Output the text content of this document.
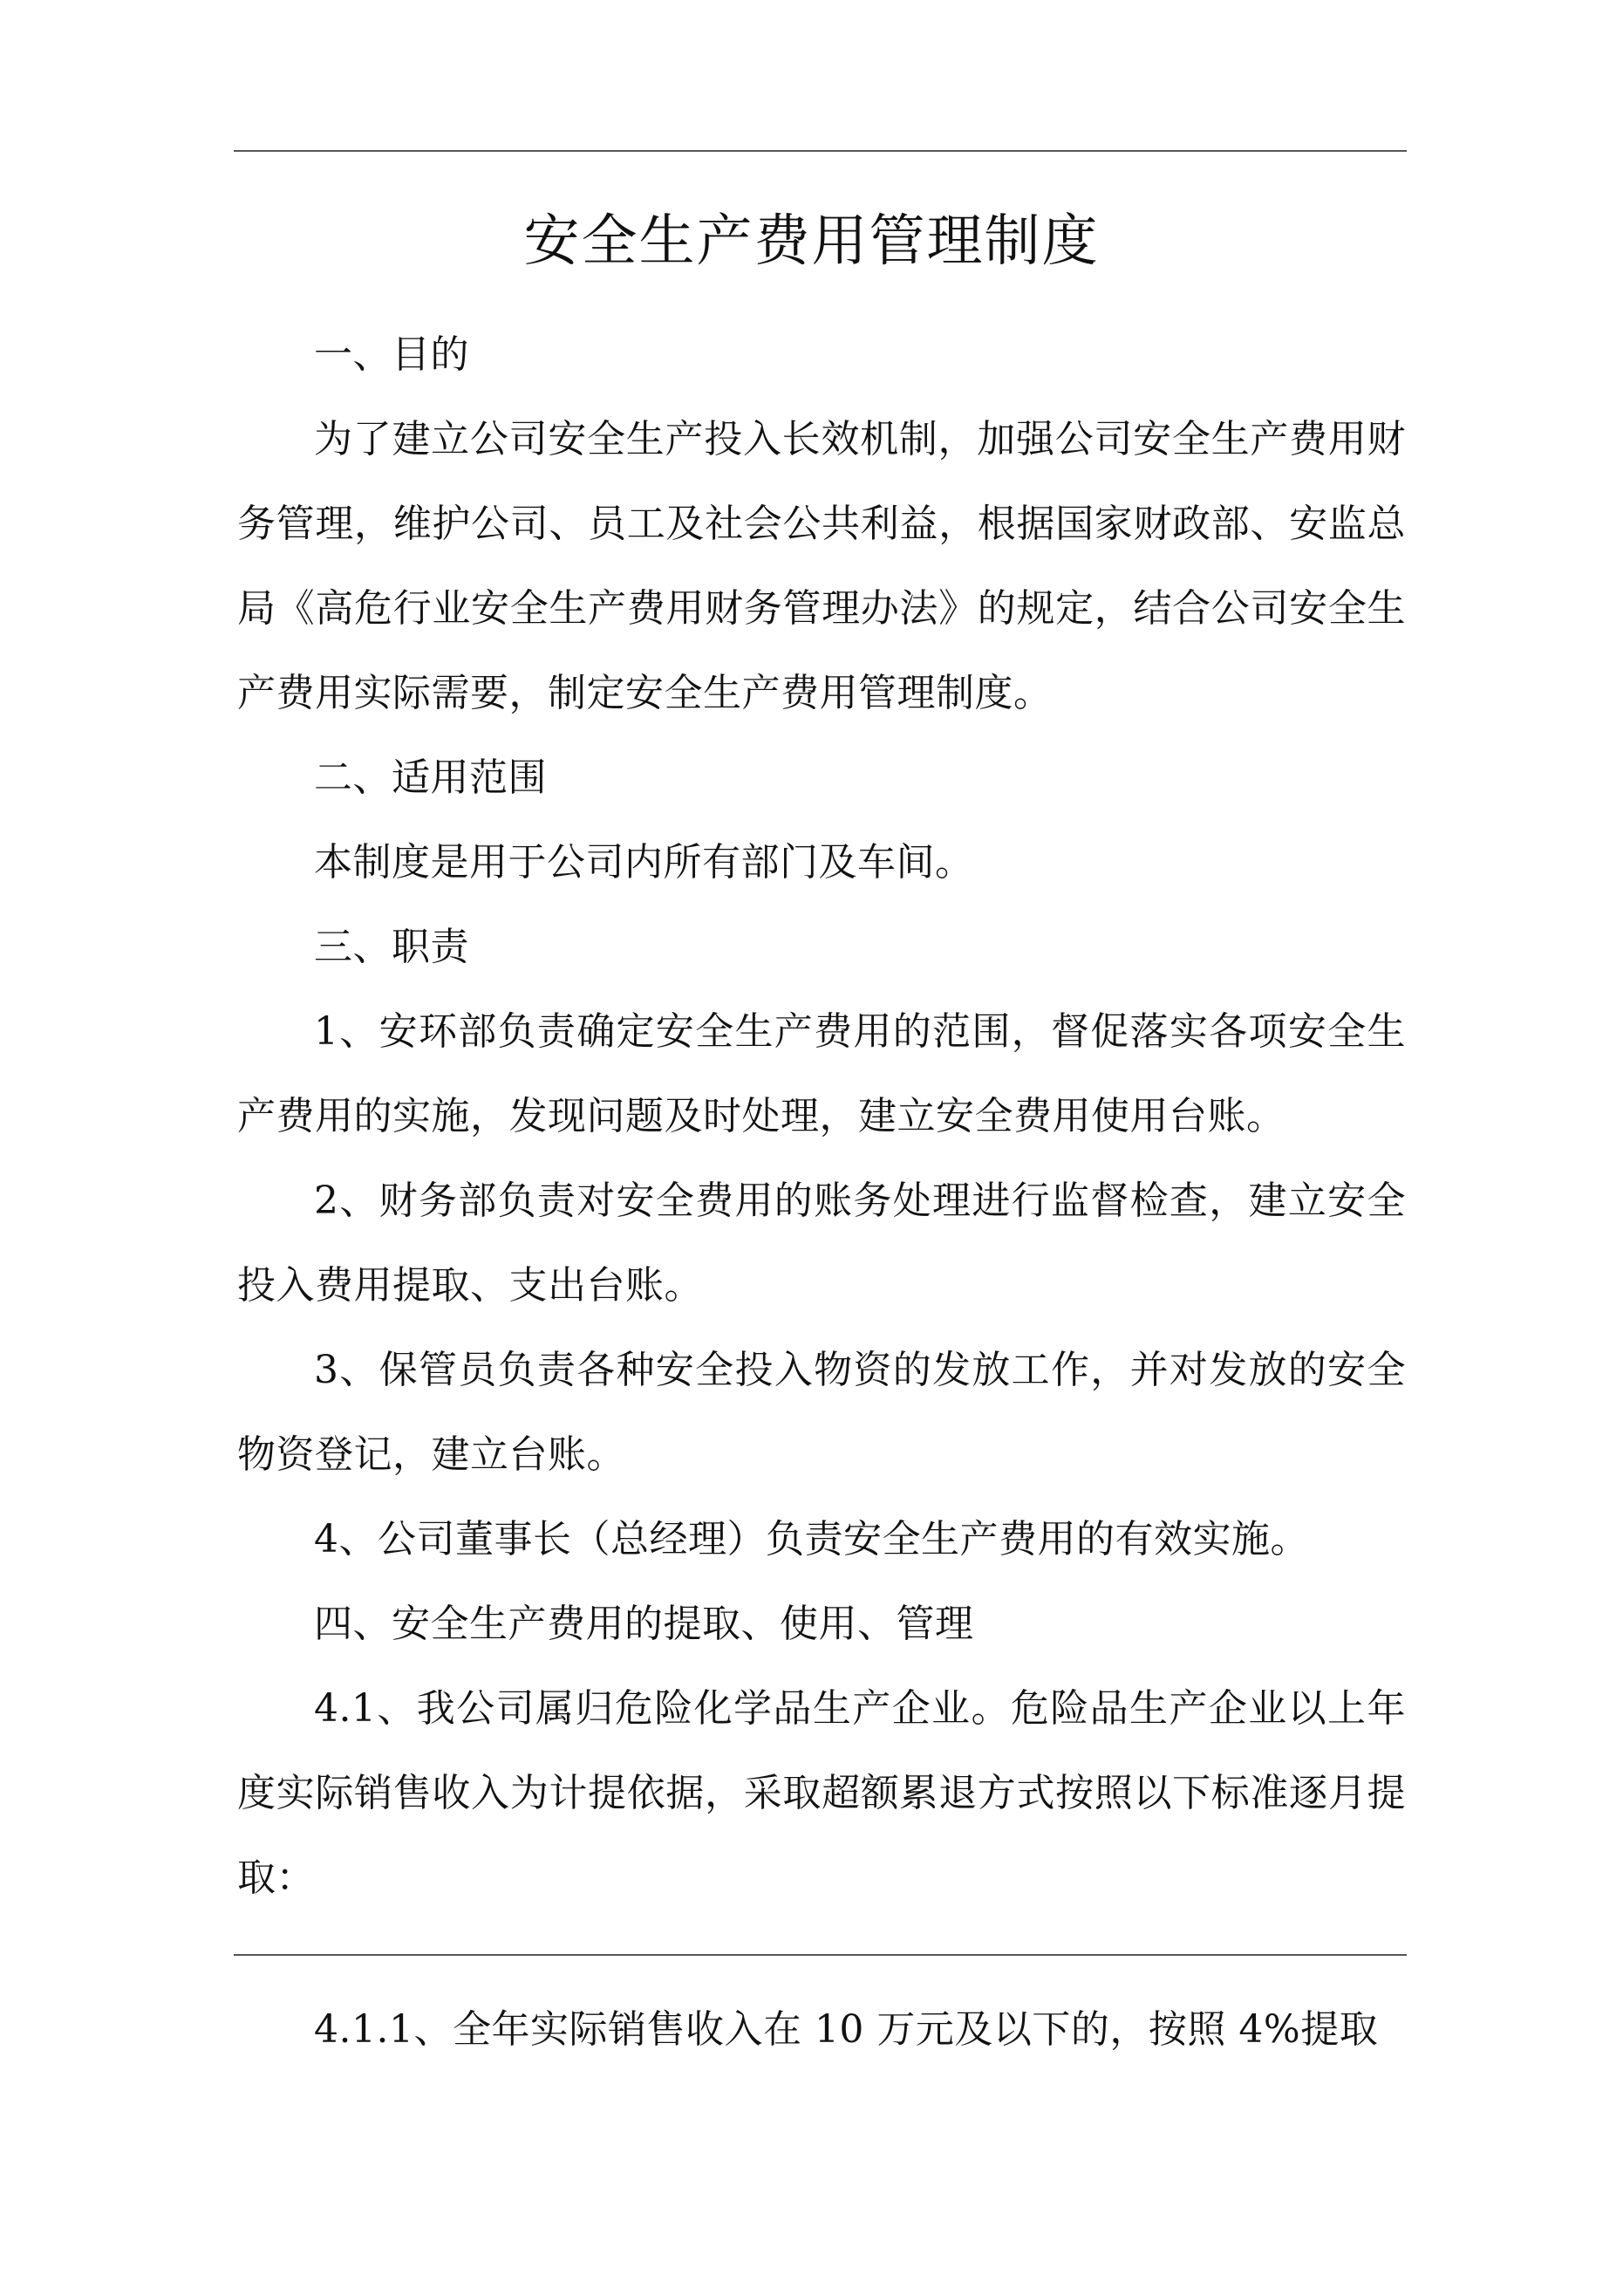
安全生产费用管理制度

一、目的

为了建立公司安全生产投入长效机制，加强公司安全生产费用财务管理，维护公司、员工及社会公共利益，根据国家财政部、安监总局《高危行业安全生产费用财务管理办法》的规定，结合公司安全生产费用实际需要，制定安全生产费用管理制度。

二、适用范围

本制度是用于公司内所有部门及车间。

三、职责

1、安环部负责确定安全生产费用的范围，督促落实各项安全生产费用的实施，发现问题及时处理，建立安全费用使用台账。

2、财务部负责对安全费用的账务处理进行监督检查，建立安全投入费用提取、支出台账。

3、保管员负责各种安全投入物资的发放工作，并对发放的安全物资登记，建立台账。

4、公司董事长（总经理）负责安全生产费用的有效实施。

四、安全生产费用的提取、使用、管理

4.1、我公司属归危险化学品生产企业。危险品生产企业以上年度实际销售收入为计提依据，采取超额累退方式按照以下标准逐月提取：

4.1.1、全年实际销售收入在 10 万元及以下的，按照 4%提取
